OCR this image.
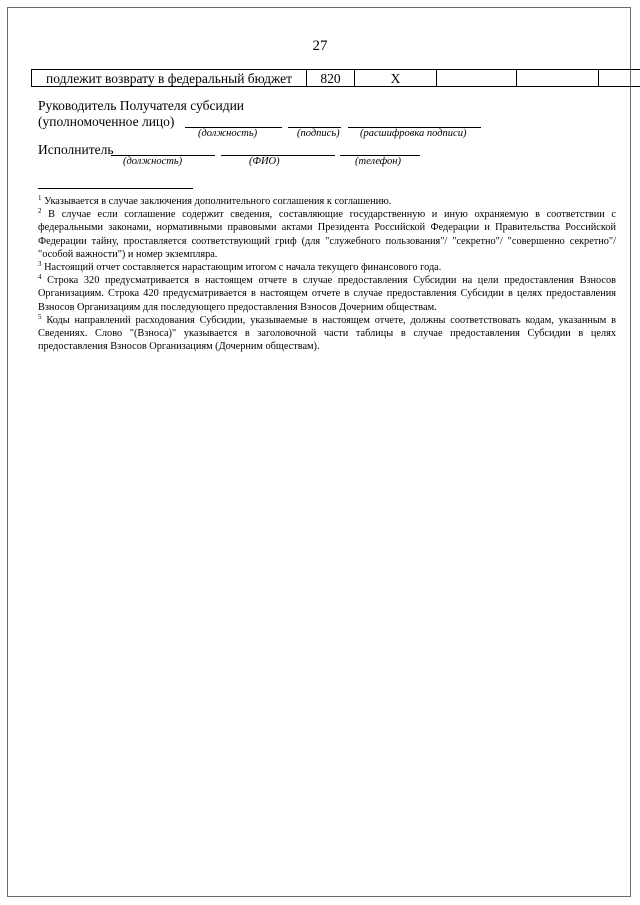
27
подлежит возврату в федеральный бюджет	820	X			
Руководитель Получателя субсидии
(уполномоченное лицо)
(должность)	(подпись) (расшифровка подписи)
Исполнитель
(должность)	(ФИО)	(телефон)

$^1$ Указывается в случае заключения дополнительного соглашения к соглашению.

$^2$ В случае если соглашение содержит сведения, составляющие государственную и иную охраняемую в соответствии с федеральными законами, нормативными правовыми актами Президента Российской Федерации и Правительства Российской Федерации тайну, проставляется соответствующий гриф (для "служебного пользования"/ "секретно"/ "совершенно секретно"/ "особой важности") и номер экземпляра.

$^3$ Настоящий отчет составляется нарастающим итогом с начала текущего финансового года.

$^4$ Строка 320 предусматривается в настоящем отчете в случае предоставления Субсидии на цели предоставления Взносов Организациям. Строка 420 предусматривается в настоящем отчете в случае предоставления Субсидии в целях предоставления Взносов Организациям для последующего предоставления Взносов Дочерним обществам.

$^5$ Коды направлений расходования Субсидии, указываемые в настоящем отчете, должны соответствовать кодам, указанным в Сведениях. Слово "(Взноса)" указывается в заголовочной части таблицы в случае предоставления Субсидии в целях предоставления Взносов Организациям (Дочерним обществам).
